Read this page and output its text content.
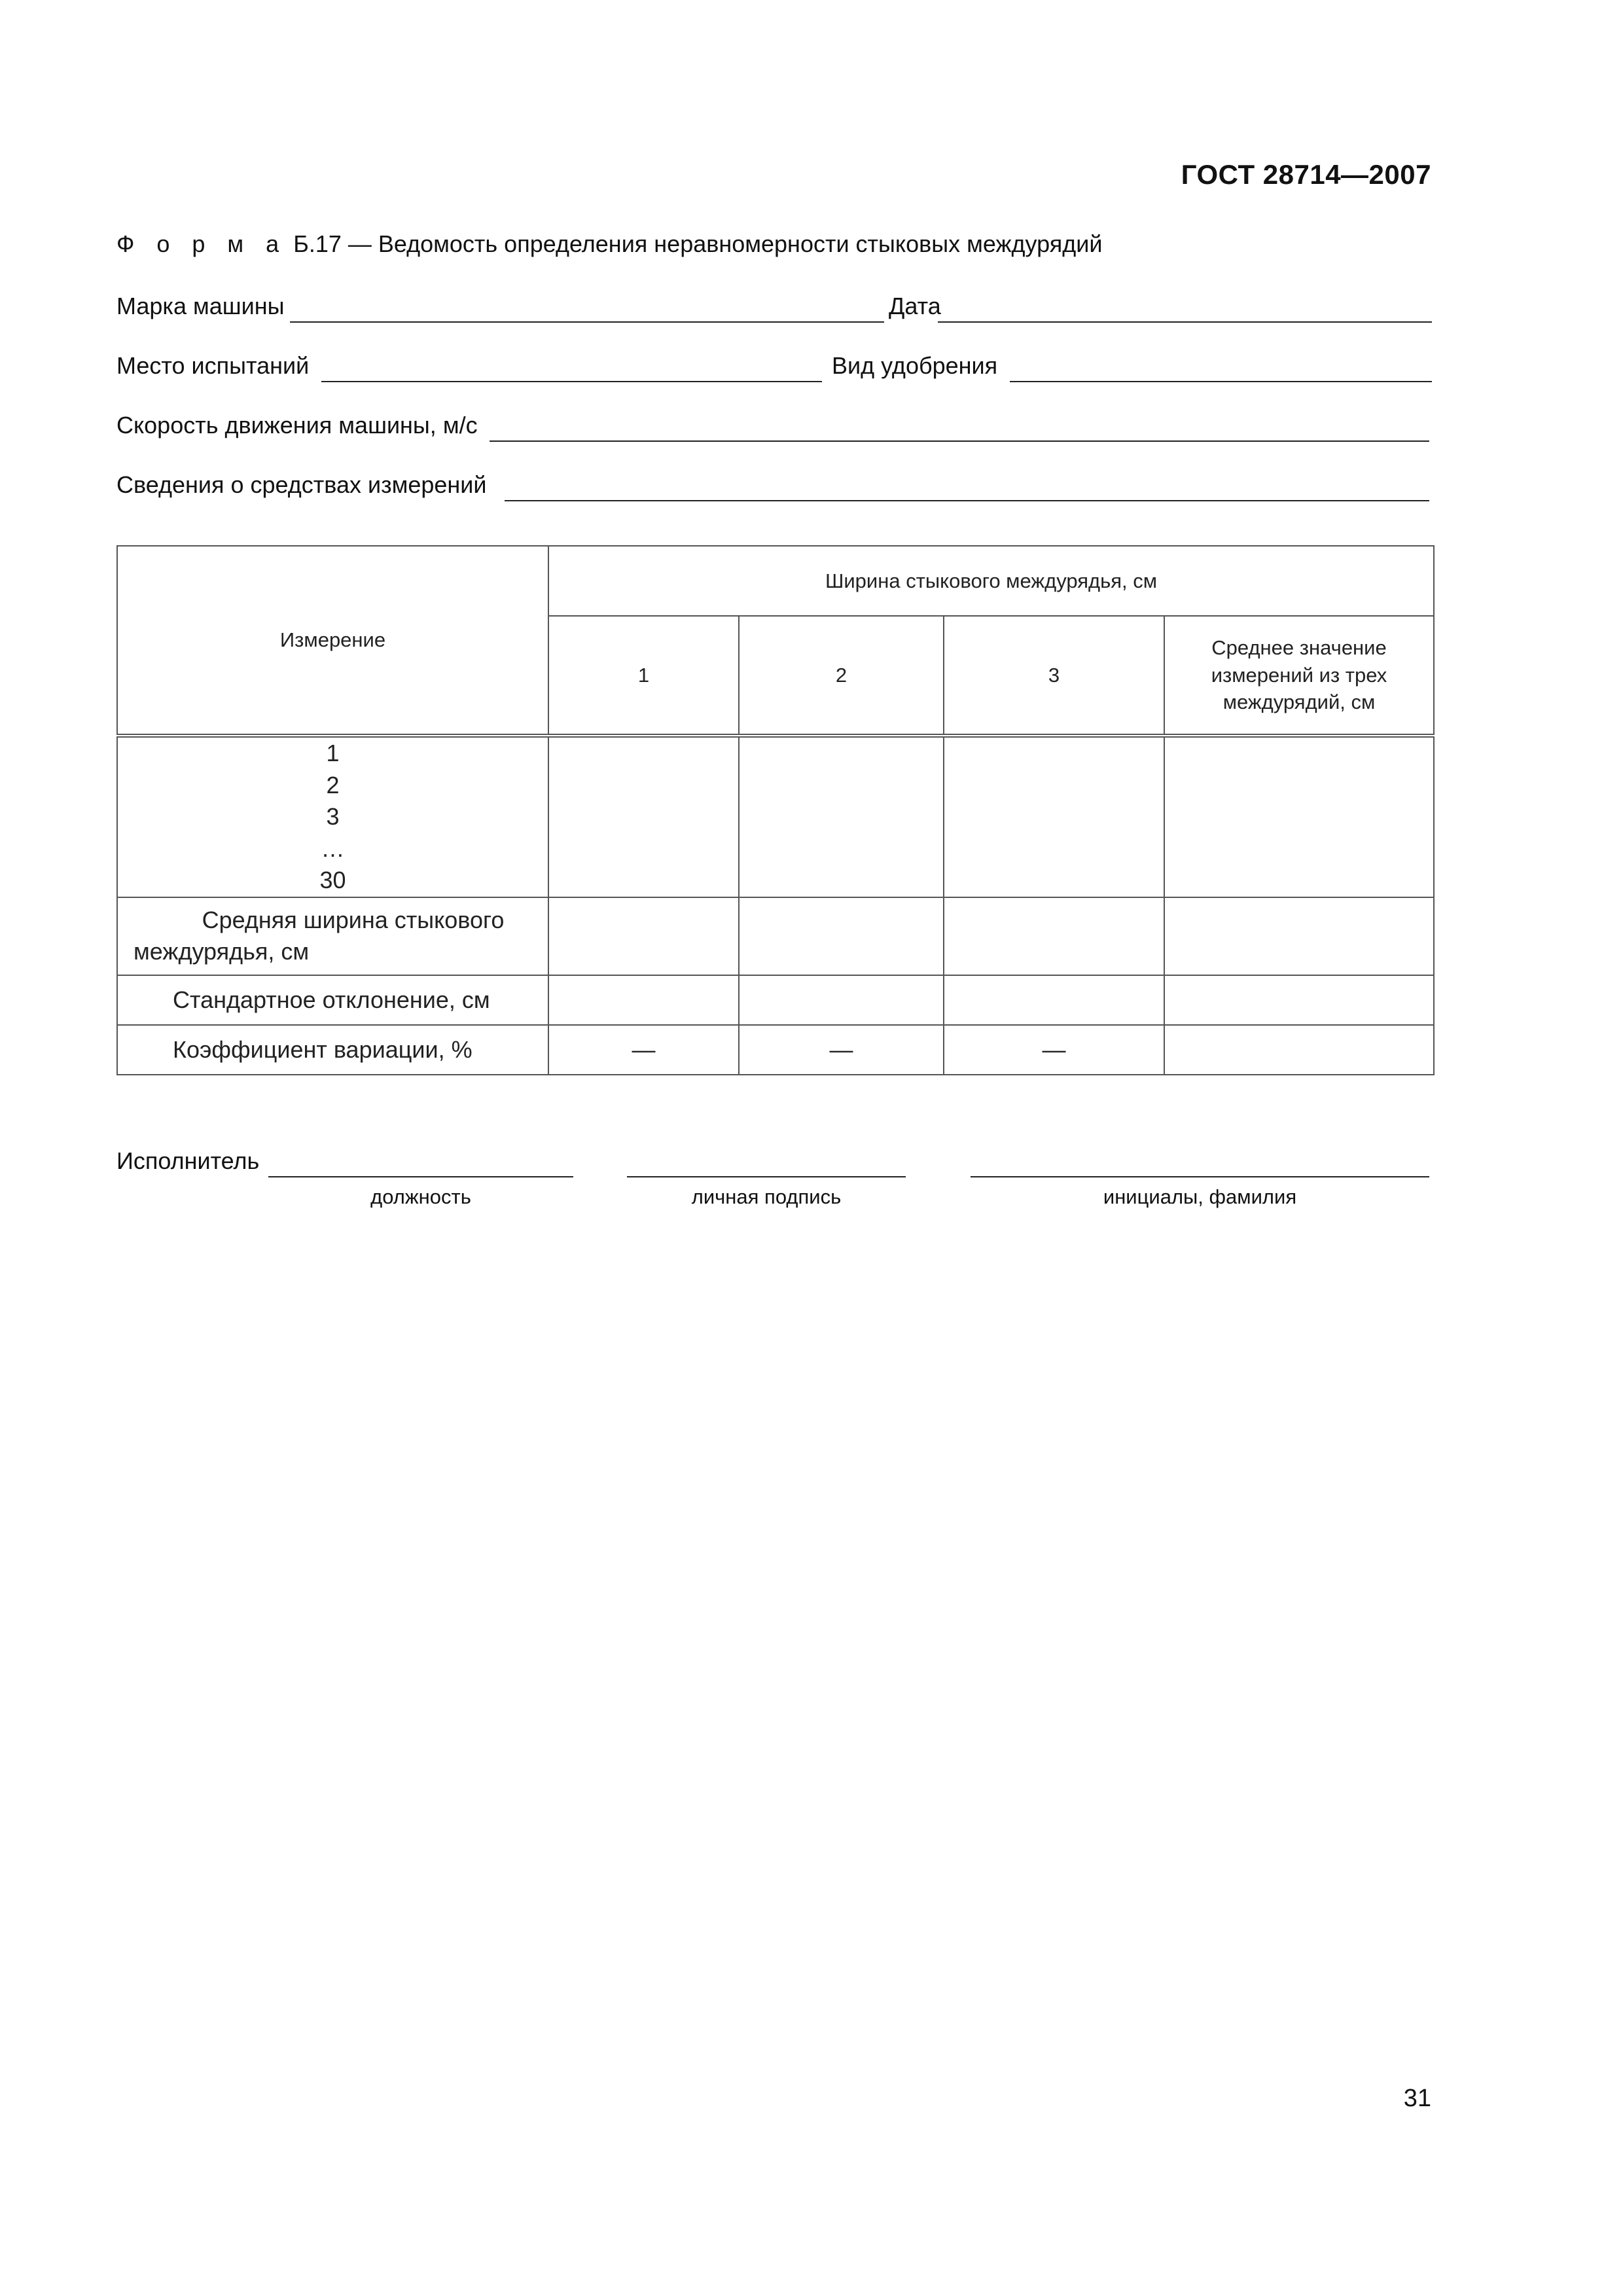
ГОСТ 28714—2007
Ф о р м а Б.17 — Ведомость определения неравномерности стыковых междурядий
Марка машины	Дата
Место испытаний	Вид удобрения
Скорость движения машины, м/с
Сведения о средствах измерений
Измерение	Ширина стыкового междурядья, см			
	1	2	3	Среднее значение измерений из трех междурядий, см

1
2
3
…
30				

Средняя ширина стыкового междурядья, см				

Стандартное отклонение, см				

Коэффициент вариации, %	—	—	—	
Исполнитель
должность	личная подпись	инициалы, фамилия
31
